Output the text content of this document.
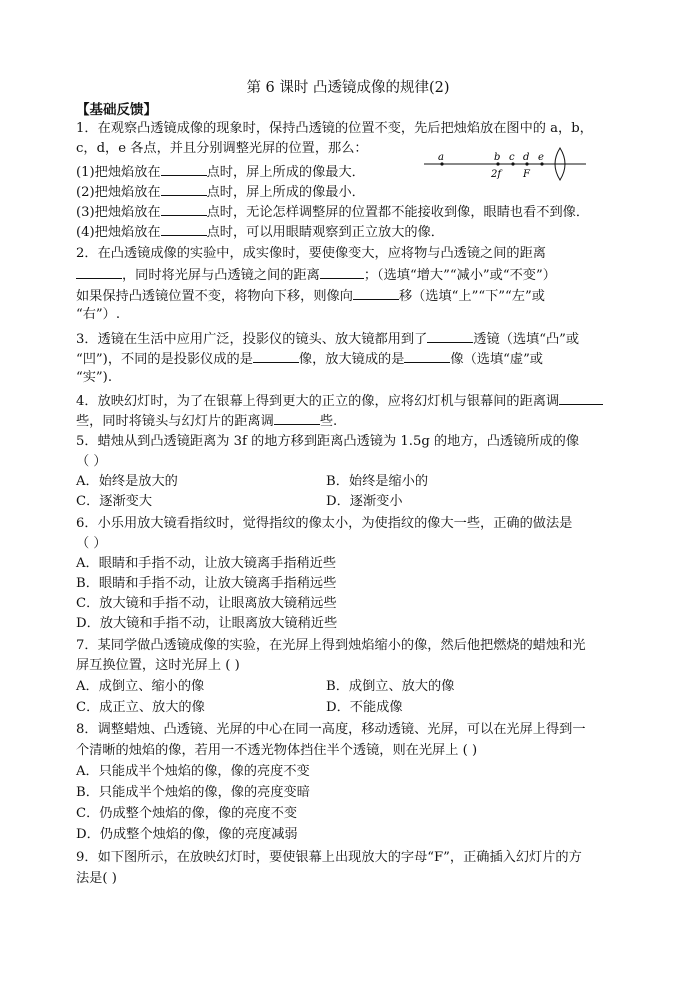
第 6 课时 凸透镜成像的规律(2)
【基础反馈】
1．在观察凸透镜成像的现象时，保持凸透镜的位置不变，先后把烛焰放在图中的 a，b，
c，d，e 各点，并且分别调整光屏的位置，那么：
(1)把烛焰放在	点时，屏上所成的像最大．
(2)把烛焰放在	点时，屏上所成的像最小．
(3)把烛焰放在	点时，无论怎样调整屏的位置都不能接收到像，眼睛也看不到像．
(4)把烛焰放在	点时，可以用眼睛观察到正立放大的像．
a	b c d e
2f F
2．在凸透镜成像的实验中，成实像时，要使像变大，应将物与凸透镜之间的距离
，同时将光屏与凸透镜之间的距离	；（选填“增大”“减小”或“不变”）
如果保持凸透镜位置不变，将物向下移，则像向	移（选填“上”“下”“左”或
“右”）.
3．透镜在生活中应用广泛，投影仪的镜头、放大镜都用到了	透镜（选填“凸”或
“凹”)，不同的是投影仪成的是	像，放大镜成的是	像（选填“虚”或
“实”).
4．放映幻灯时，为了在银幕上得到更大的正立的像，应将幻灯机与银幕间的距离调
些，同时将镜头与幻灯片的距离调	些.
5．蜡烛从到凸透镜距离为 3f 的地方移到距离凸透镜为 1.5g 的地方，凸透镜所成的像
（ ）
A．始终是放大的	B．始终是缩小的
C．逐渐变大	D．逐渐变小
6．小乐用放大镜看指纹时，觉得指纹的像太小，为使指纹的像大一些，正确的做法是
（ ）
A．眼睛和手指不动，让放大镜离手指稍近些
B．眼睛和手指不动，让放大镜离手指稍远些
C．放大镜和手指不动，让眼离放大镜稍远些
D．放大镜和手指不动，让眼离放大镜稍近些
7．某同学做凸透镜成像的实验，在光屏上得到烛焰缩小的像，然后他把燃烧的蜡烛和光
屏互换位置，这时光屏上 ( )
A．成倒立、缩小的像	B．成倒立、放大的像
C．成正立、放大的像	D．不能成像
8．调整蜡烛、凸透镜、光屏的中心在同一高度，移动透镜、光屏，可以在光屏上得到一
个清晰的烛焰的像，若用一不透光物体挡住半个透镜，则在光屏上 ( )
A．只能成半个烛焰的像，像的亮度不变
B．只能成半个烛焰的像，像的亮度变暗
C．仍成整个烛焰的像，像的亮度不变
D．仍成整个烛焰的像，像的亮度减弱
9．如下图所示，在放映幻灯时，要使银幕上出现放大的字母“F”，正确插入幻灯片的方
法是( )
